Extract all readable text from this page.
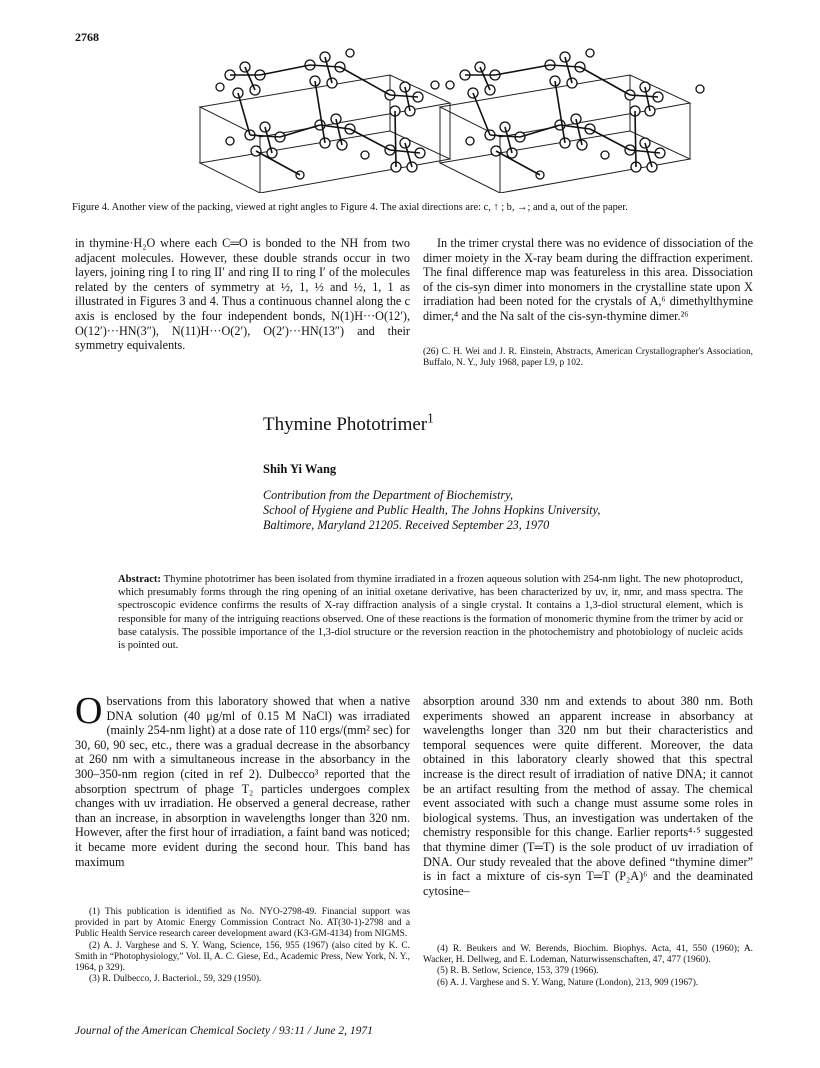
2768
Figure 4. Another view of the packing, viewed at right angles to Figure 4. The axial directions are: c, ↑ ; b, →; and a, out of the paper.

in thymine·H₂O where each C═O is bonded to the NH from two adjacent molecules. However, these double strands occur in two layers, joining ring I to ring II′ and ring II to ring I′ of the molecules related by the centers of symmetry at ½, 1, ½ and ½, 1, 1 as illustrated in Figures 3 and 4. Thus a continuous channel along the c axis is enclosed by the four independent bonds, N(1)H···O(12′), O(12′)···HN(3″), N(11)H···O(2′), O(2′)···HN(13″) and their symmetry equivalents.

In the trimer crystal there was no evidence of dissociation of the dimer moiety in the X-ray beam during the diffraction experiment. The final difference map was featureless in this area. Dissociation of the cis-syn dimer into monomers in the crystalline state upon X irradiation had been noted for the crystals of A,⁶ dimethylthymine dimer,⁴ and the Na salt of the cis-syn-thymine dimer.²⁶

(26) C. H. Wei and J. R. Einstein, Abstracts, American Crystallographer's Association, Buffalo, N. Y., July 1968, paper L9, p 102.
Thymine Phototrimer$^1$
Shih Yi Wang
Contribution from the Department of Biochemistry,
School of Hygiene and Public Health, The Johns Hopkins University,
Baltimore, Maryland 21205. Received September 23, 1970
Abstract: Thymine phototrimer has been isolated from thymine irradiated in a frozen aqueous solution with 254-nm light. The new photoproduct, which presumably forms through the ring opening of an initial oxetane derivative, has been characterized by uv, ir, nmr, and mass spectra. The spectroscopic evidence confirms the results of X-ray diffraction analysis of a single crystal. It contains a 1,3-diol structural element, which is responsible for many of the intriguing reactions observed. One of these reactions is the formation of monomeric thymine from the trimer by acid or base catalysis. The possible importance of the 1,3-diol structure or the reversion reaction in the photochemistry and photobiology of nucleic acids is pointed out.
O bservations from this laboratory showed that when a native DNA solution (40 μg/ml of 0.15 M NaCl) was irradiated (mainly 254-nm light) at a dose rate of 110 ergs/(mm² sec) for 30, 60, 90 sec, etc., there was a gradual decrease in the absorbancy at 260 nm with a simultaneous increase in the absorbancy in the 300–350-nm region (cited in ref 2). Dulbecco³ reported that the absorption spectrum of phage T₂ particles undergoes complex changes with uv irradiation. He observed a general decrease, rather than an increase, in absorption in wavelengths longer than 320 nm. However, after the first hour of irradiation, a faint band was noticed; it became more evident during the second hour. This band has maximum

(1) This publication is identified as No. NYO-2798-49. Financial support was provided in part by Atomic Energy Commission Contract No. AT(30-1)-2798 and a Public Health Service research career development award (K3-GM-4134) from NIGMS.

(2) A. J. Varghese and S. Y. Wang, Science, 156, 955 (1967) (also cited by K. C. Smith in “Photophysiology,” Vol. II, A. C. Giese, Ed., Academic Press, New York, N. Y., 1964, p 329).

(3) R. Dulbecco, J. Bacteriol., 59, 329 (1950).

absorption around 330 nm and extends to about 380 nm. Both experiments showed an apparent increase in absorbancy at wavelengths longer than 320 nm but their characteristics and temporal sequences were quite different. Moreover, the data obtained in this laboratory clearly showed that this spectral increase is the direct result of irradiation of native DNA; it cannot be an artifact resulting from the method of assay. The chemical event associated with such a change must assume some roles in biological systems. Thus, an investigation was undertaken of the chemistry responsible for this change. Earlier reports⁴·⁵ suggested that thymine dimer (T═T) is the sole product of uv irradiation of DNA. Our study revealed that the above defined “thymine dimer” is in fact a mixture of cis-syn T═T (P₂A)⁶ and the deaminated cytosine–

(4) R. Beukers and W. Berends, Biochim. Biophys. Acta, 41, 550 (1960); A. Wacker, H. Dellweg, and E. Lodeman, Naturwissenschaften, 47, 477 (1960).

(5) R. B. Setlow, Science, 153, 379 (1966).

(6) A. J. Varghese and S. Y. Wang, Nature (London), 213, 909 (1967).

Journal of the American Chemical Society / 93:11 / June 2, 1971
